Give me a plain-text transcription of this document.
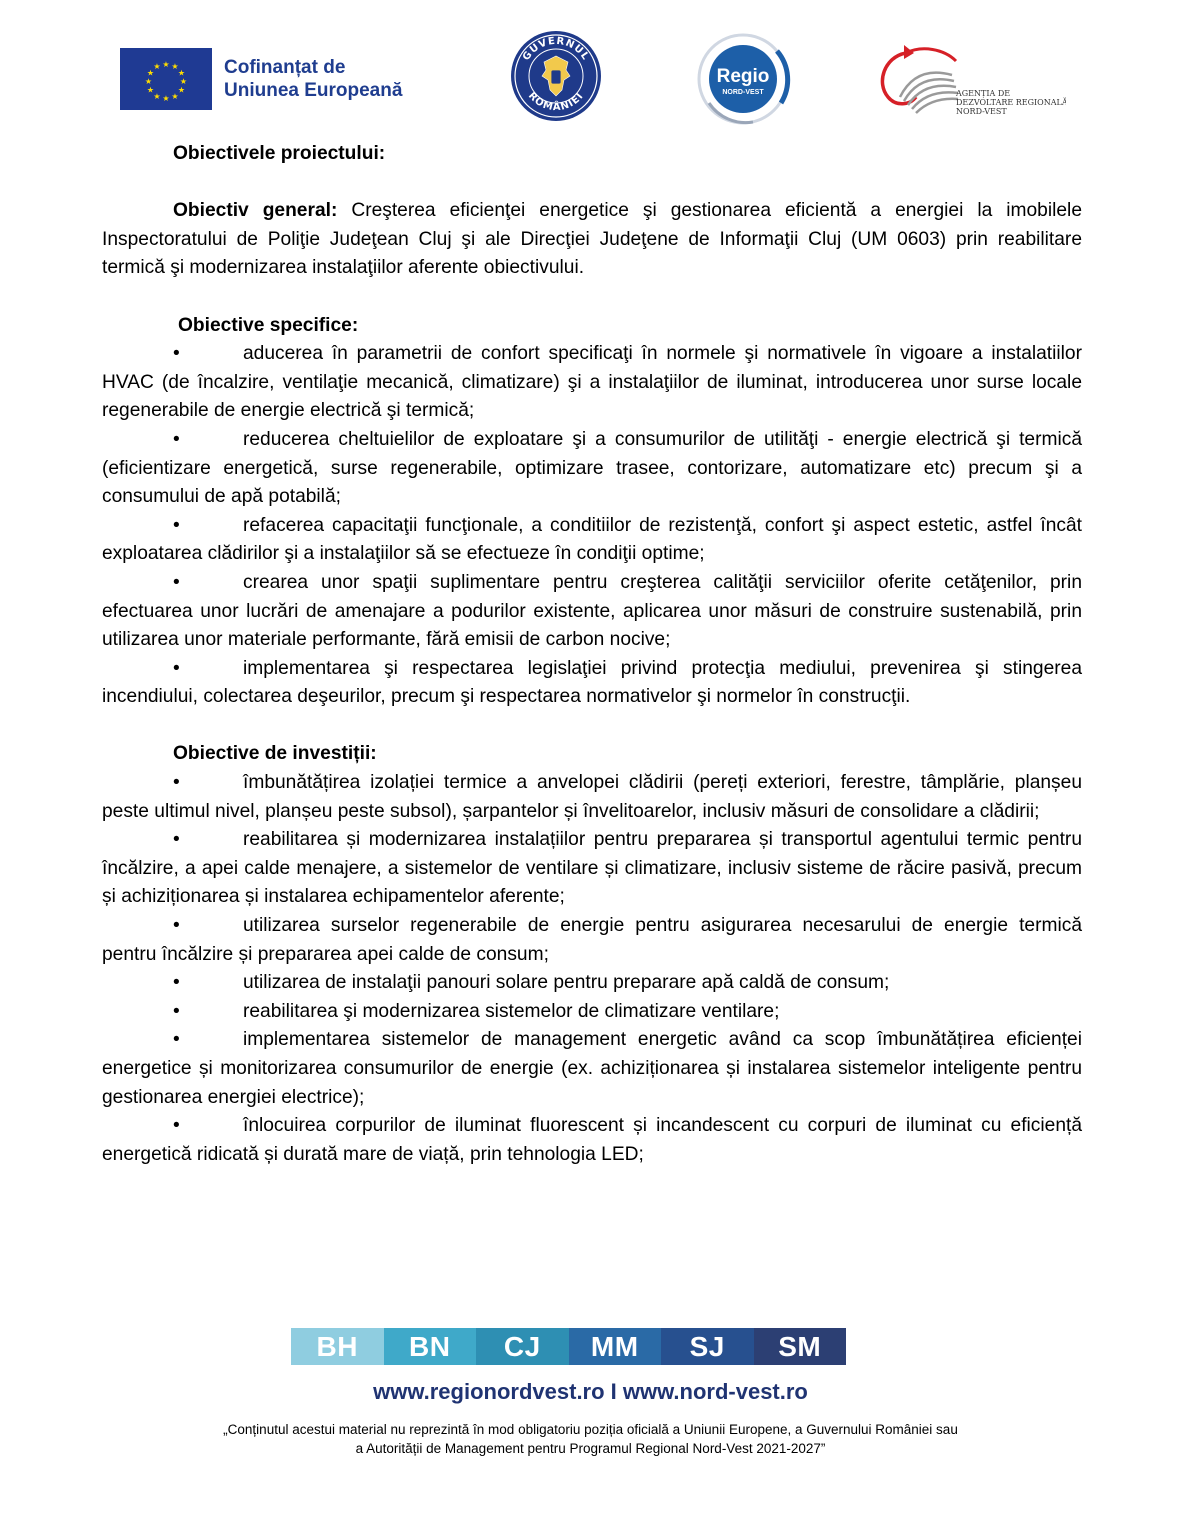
★ ★
★
★
★
★
★
★
★
★
★
★	Cofinanțat de
Uniunea Europeană
GUVERNUL
ROMÂNIEI
Regio
NORD-VEST	AGENȚIA DE
DEZVOLTARE REGIONALĂ
NORD-VEST

Obiectivele proiectului:

Obiectiv general: Creşterea eficienţei energetice şi gestionarea eficientă a energiei la imobilele Inspectoratului de Poliţie Judeţean Cluj şi ale Direcţiei Judeţene de Informaţii Cluj (UM 0603) prin reabilitare termică şi modernizarea instalaţiilor aferente obiectivului.

Obiective specifice:

•	aducerea în parametrii de confort specificaţi în normele şi normativele în vigoare a instalatiilor HVAC (de încalzire, ventilaţie mecanică, climatizare) şi a instalaţiilor de iluminat, introducerea unor surse locale regenerabile de energie electrică şi termică;

•	reducerea cheltuielilor de exploatare şi a consumurilor de utilităţi - energie electrică şi termică (eficientizare energetică, surse regenerabile, optimizare trasee, contorizare, automatizare etc) precum şi a consumului de apă potabilă;

•	refacerea capacitaţii funcţionale, a conditiilor de rezistenţă, confort şi aspect estetic, astfel încât exploatarea clădirilor şi a instalaţiilor să se efectueze în condiţii optime;

•	crearea unor spaţii suplimentare pentru creşterea calităţii serviciilor oferite cetăţenilor, prin efectuarea unor lucrări de amenajare a podurilor existente, aplicarea unor măsuri de construire sustenabilă, prin utilizarea unor materiale performante, fără emisii de carbon nocive;

•	implementarea şi respectarea legislaţiei privind protecţia mediului, prevenirea şi stingerea incendiului, colectarea deşeurilor, precum şi respectarea normativelor şi normelor în construcţii.

Obiective de investiții:

•	îmbunătățirea izolației termice a anvelopei clădirii (pereți exteriori, ferestre, tâmplărie, planșeu peste ultimul nivel, planșeu peste subsol), șarpantelor și învelitoarelor, inclusiv măsuri de consolidare a clădirii;

•	reabilitarea și modernizarea instalațiilor pentru prepararea și transportul agentului termic pentru încălzire, a apei calde menajere, a sistemelor de ventilare și climatizare, inclusiv sisteme de răcire pasivă, precum și achiziționarea și instalarea echipamentelor aferente;

•	utilizarea surselor regenerabile de energie pentru asigurarea necesarului de energie termică pentru încălzire și prepararea apei calde de consum;

•	utilizarea de instalaţii panouri solare pentru preparare apă caldă de consum;

•	reabilitarea şi modernizarea sistemelor de climatizare ventilare;

•	implementarea sistemelor de management energetic având ca scop îmbunătățirea eficienței energetice și monitorizarea consumurilor de energie (ex. achiziționarea și instalarea sistemelor inteligente pentru gestionarea energiei electrice);

•	înlocuirea corpurilor de iluminat fluorescent și incandescent cu corpuri de iluminat cu eficiență energetică ridicată și durată mare de viață, prin tehnologia LED;

BH	BN	CJ	MM	SJ	SM
www.regionordvest.ro I www.nord-vest.ro
„Conținutul acestui material nu reprezintă în mod obligatoriu poziția oficială a Uniunii Europene, a Guvernului României sau
a Autorității de Management pentru Programul Regional Nord-Vest 2021-2027”
